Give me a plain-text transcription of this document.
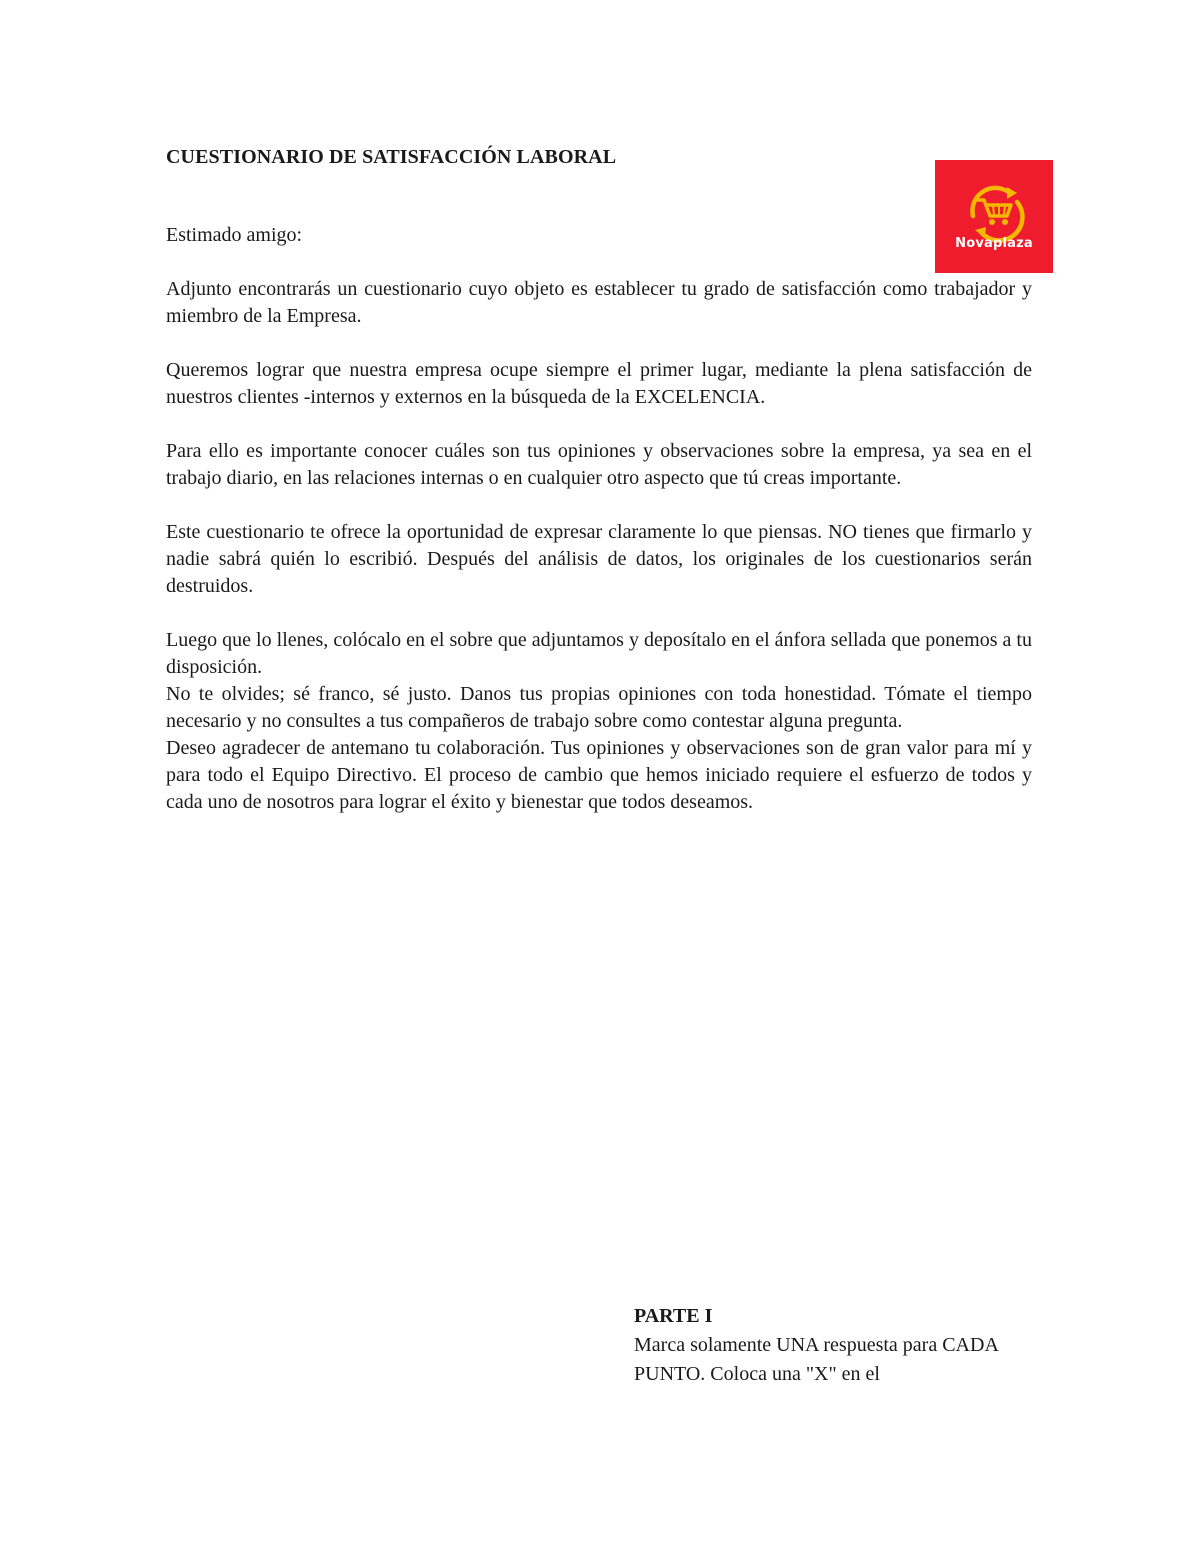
CUESTIONARIO DE SATISFACCIÓN LABORAL
Novaplaza

Estimado amigo:

Adjunto encontrarás un cuestionario cuyo objeto es establecer tu grado de satisfacción como trabajador y miembro de la Empresa.

Queremos lograr que nuestra empresa ocupe siempre el primer lugar, mediante la plena satisfacción de nuestros clientes -internos y externos en la búsqueda de la EXCELENCIA.

Para ello es importante conocer cuáles son tus opiniones y observaciones sobre la empresa, ya sea en el trabajo diario, en las relaciones internas o en cualquier otro aspecto que tú creas importante.

Este cuestionario te ofrece la oportunidad de expresar claramente lo que piensas. NO tienes que firmarlo y nadie sabrá quién lo escribió. Después del análisis de datos, los originales de los cuestionarios serán destruidos.

Luego que lo llenes, colócalo en el sobre que adjuntamos y deposítalo en el ánfora sellada que ponemos a tu disposición.

No te olvides; sé franco, sé justo. Danos tus propias opiniones con toda honestidad. Tómate el tiempo necesario y no consultes a tus compañeros de trabajo sobre como contestar alguna pregunta.

Deseo agradecer de antemano tu colaboración. Tus opiniones y observaciones son de gran valor para mí y para todo el Equipo Directivo. El proceso de cambio que hemos iniciado requiere el esfuerzo de todos y cada uno de nosotros para lograr el éxito y bienestar que todos deseamos.

PARTE I

Marca solamente UNA respuesta para CADA PUNTO. Coloca una "X" en el
